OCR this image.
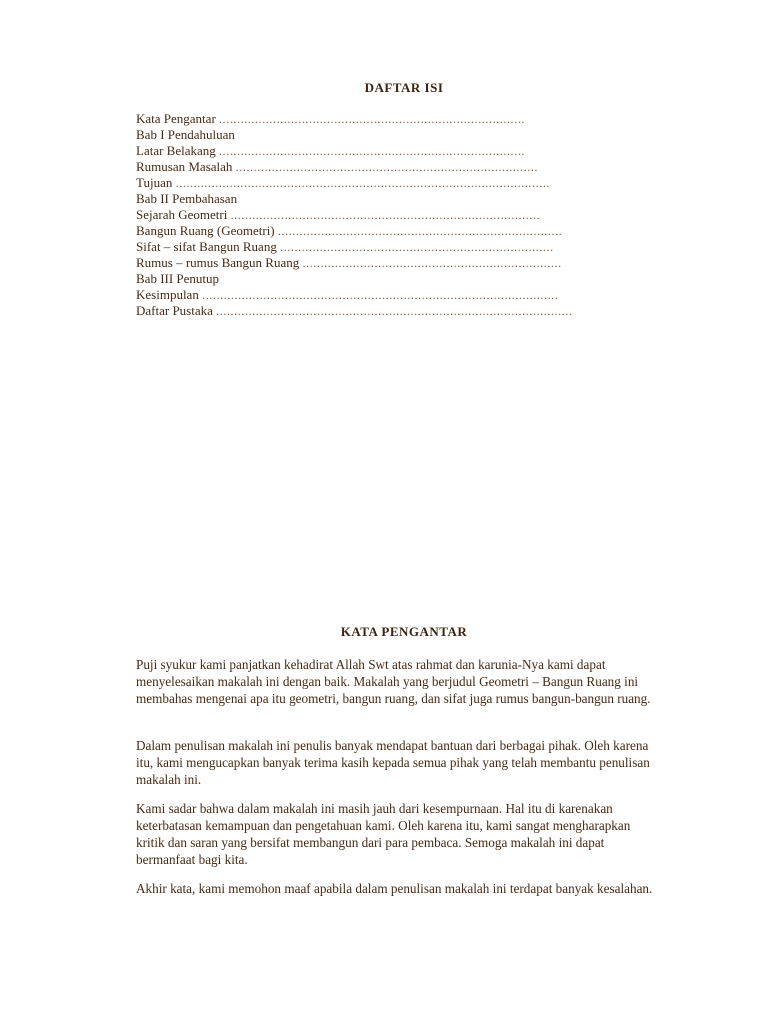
DAFTAR ISI
Kata Pengantar .....................................................................................
Bab I Pendahuluan
Latar Belakang .....................................................................................
Rumusan Masalah ....................................................................................
Tujuan ........................................................................................................
Bab II Pembahasan
Sejarah Geometri ......................................................................................
Bangun Ruang (Geometri) ...............................................................................
Sifat – sifat Bangun Ruang ............................................................................
Rumus – rumus Bangun Ruang ........................................................................
Bab III Penutup
Kesimpulan ...................................................................................................
Daftar Pustaka ...................................................................................................
KATA PENGANTAR

Puji syukur kami panjatkan kehadirat Allah Swt atas rahmat dan karunia-Nya kami dapat menyelesaikan makalah ini dengan baik. Makalah yang berjudul Geometri – Bangun Ruang ini membahas mengenai apa itu geometri, bangun ruang, dan sifat juga rumus bangun-bangun ruang.

Dalam penulisan makalah ini penulis banyak mendapat bantuan dari berbagai pihak. Oleh karena itu, kami mengucapkan banyak terima kasih kepada semua pihak yang telah membantu penulisan makalah ini.

Kami sadar bahwa dalam makalah ini masih jauh dari kesempurnaan. Hal itu di karenakan keterbatasan kemampuan dan pengetahuan kami. Oleh karena itu, kami sangat mengharapkan kritik dan saran yang bersifat membangun dari para pembaca. Semoga makalah ini dapat bermanfaat bagi kita.

Akhir kata, kami memohon maaf apabila dalam penulisan makalah ini terdapat banyak kesalahan.
